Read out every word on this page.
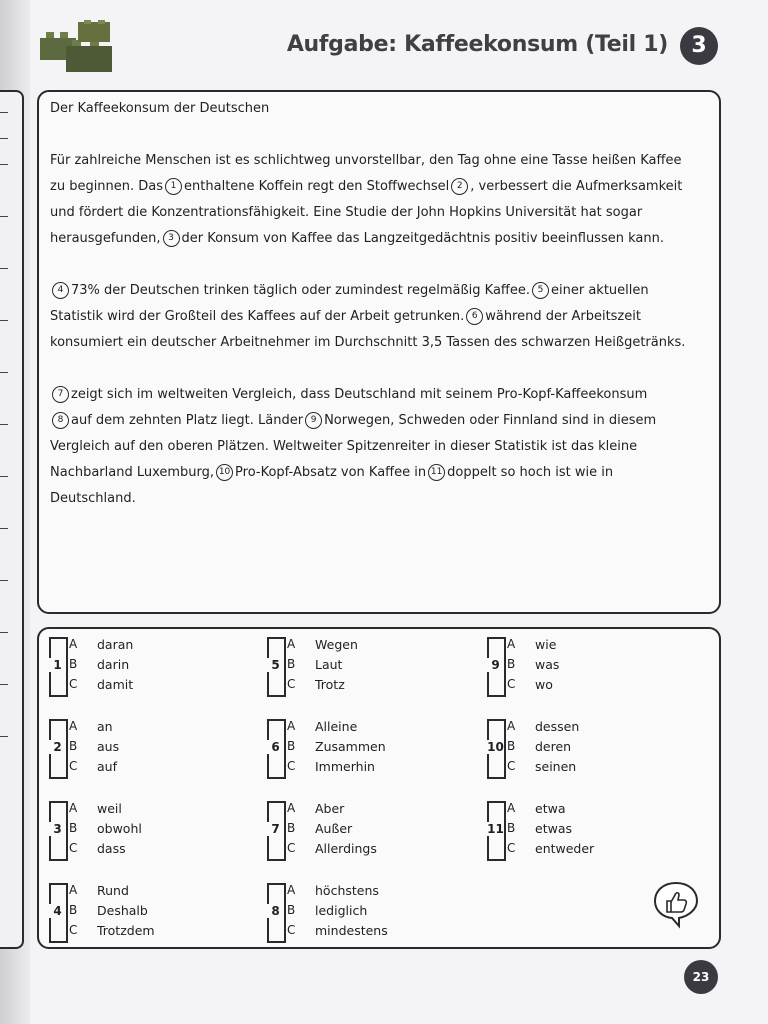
Aufgabe: Kaffeekonsum (Teil 1)	3
Der Kaffeekonsum der Deutschen
Für zahlreiche Menschen ist es schlichtweg unvorstellbar, den Tag ohne eine Tasse heißen Kaffee
zu beginnen. Das 1 enthaltene Koffein regt den Stoffwechsel 2 , verbessert die Aufmerksamkeit
und fördert die Konzentrationsfähigkeit. Eine Studie der John Hopkins Universität hat sogar
herausgefunden, 3 der Konsum von Kaffee das Langzeitgedächtnis positiv beeinflussen kann.
4 73% der Deutschen trinken täglich oder zumindest regelmäßig Kaffee. 5 einer aktuellen
Statistik wird der Großteil des Kaffees auf der Arbeit getrunken. 6 während der Arbeitszeit
konsumiert ein deutscher Arbeitnehmer im Durchschnitt 3,5 Tassen des schwarzen Heißgetränks.
7 zeigt sich im weltweiten Vergleich, dass Deutschland mit seinem Pro-Kopf-Kaffeekonsum
8 auf dem zehnten Platz liegt. Länder 9 Norwegen, Schweden oder Finnland sind in diesem
Vergleich auf den oberen Plätzen. Weltweiter Spitzenreiter in dieser Statistik ist das kleine
Nachbarland Luxemburg, 10 Pro-Kopf-Absatz von Kaffee in 11 doppelt so hoch ist wie in
Deutschland.
1
A daran
B darin
C damit
2
A an
B aus
C auf
3
A weil
B obwohl
C dass
4
A Rund
B Deshalb
C Trotzdem
5
A Wegen
B Laut
C Trotz
6
A Alleine
B Zusammen
C Immerhin
7
A Aber
B Außer
C Allerdings
8
A höchstens
B lediglich
C mindestens
9
A wie
B was
C wo
10
A dessen
B deren
C seinen
11
A etwa
B etwas
C entweder
23
